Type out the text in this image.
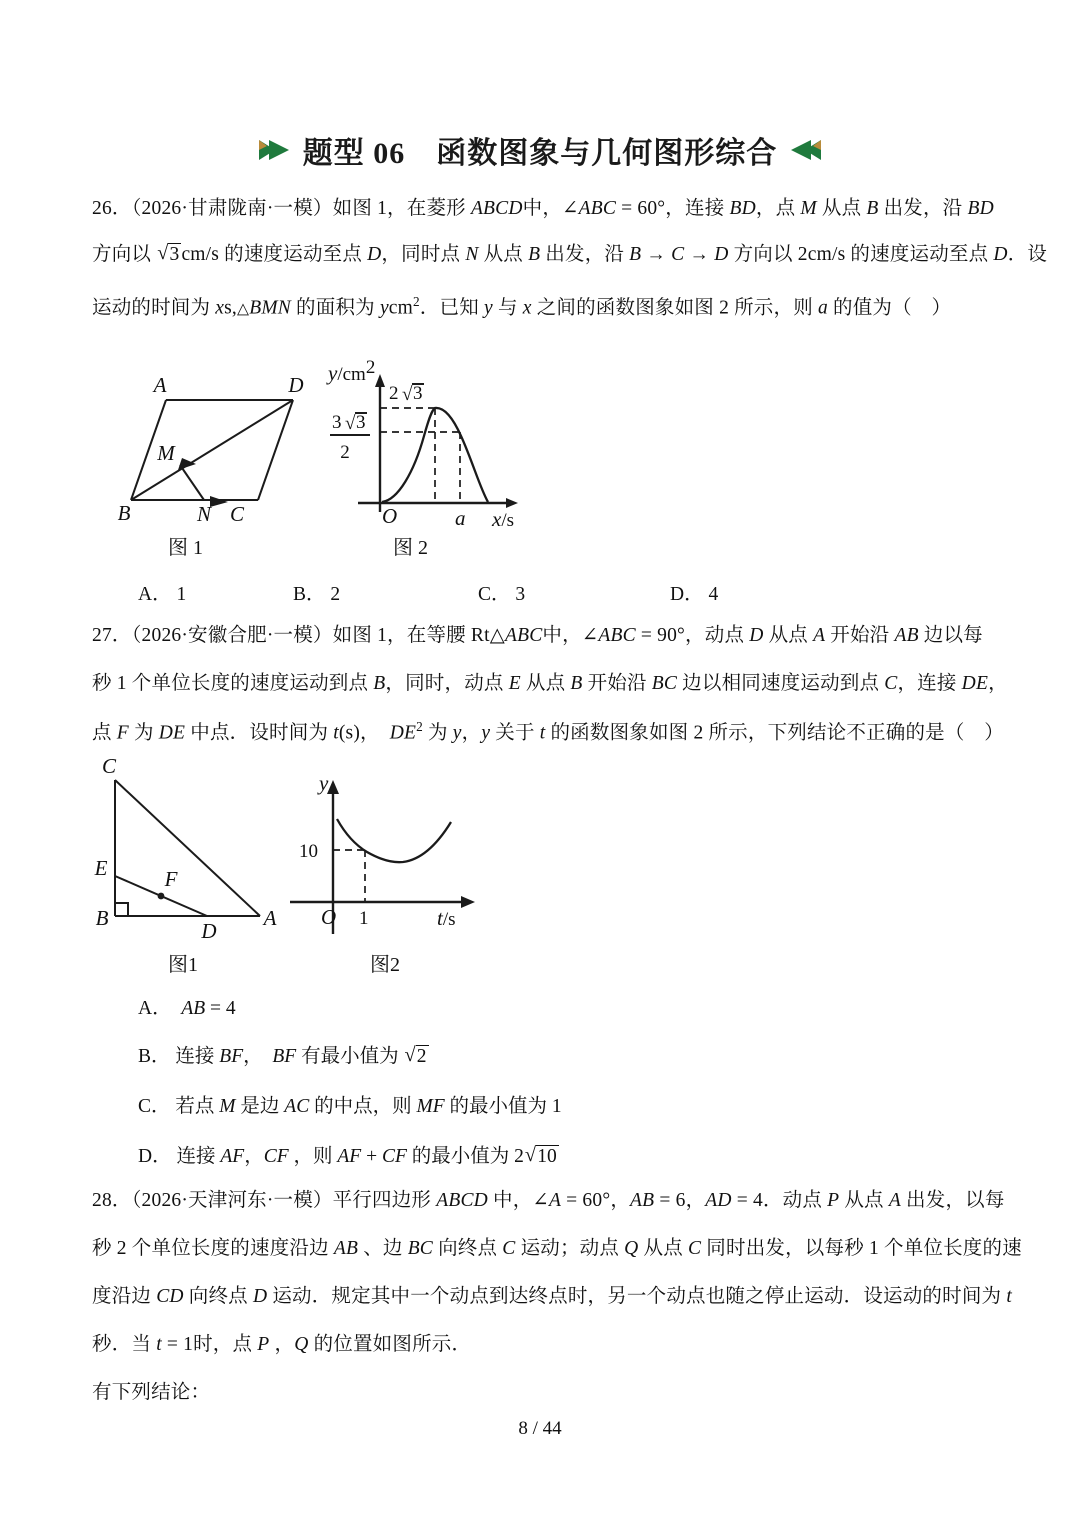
题型 06　函数图象与几何图形综合
26．（2026·甘肃陇南·一模）如图 1，在菱形 ABCD中，∠ABC = 60°，连接 BD，点 M 从点 B 出发，沿 BD
方向以 √ 3 cm/s 的速度运动至点 D，同时点 N 从点 B 出发，沿 B → C → D 方向以 2cm/s 的速度运动至点 D．设
运动的时间为 xs,△BMN 的面积为 ycm$^2$．已知 y 与 x 之间的函数图象如图 2 所示，则 a 的值为（　）
A	D
M
B	N C
图 1
y/cm2
O	a x/s
2 √ 3
3 √ 3
2
图 2
A． 1	B． 2	C． 3	D． 4
27．（2026·安徽合肥·一模）如图 1，在等腰 Rt△ABC中，∠ABC = 90°，动点 D 从点 A 开始沿 AB 边以每
秒 1 个单位长度的速度运动到点 B，同时，动点 E 从点 B 开始沿 BC 边以相同速度运动到点 C，连接 DE，
点 F 为 DE 中点．设时间为 t(s)，　$DE^2$ 为 y，y 关于 t 的函数图象如图 2 所示，下列结论不正确的是（　）
C
E	F
B
D
A
图1
y
O
10
1	t/s
图2
A． AB = 4
B． 连接 BF，　BF 有最小值为 √ 2
C． 若点 M 是边 AC 的中点，则 MF 的最小值为 1
D． 连接 AF，CF ，则 AF + CF 的最小值为 2 √ 10
28．（2026·天津河东·一模）平行四边形 ABCD 中，∠A = 60°，AB = 6，AD = 4．动点 P 从点 A 出发，以每
秒 2 个单位长度的速度沿边 AB 、边 BC 向终点 C 运动；动点 Q 从点 C 同时出发，以每秒 1 个单位长度的速
度沿边 CD 向终点 D 运动．规定其中一个动点到达终点时，另一个动点也随之停止运动．设运动的时间为 t
秒．当 t = 1时，点 P ，Q 的位置如图所示．
有下列结论：
8 / 44
